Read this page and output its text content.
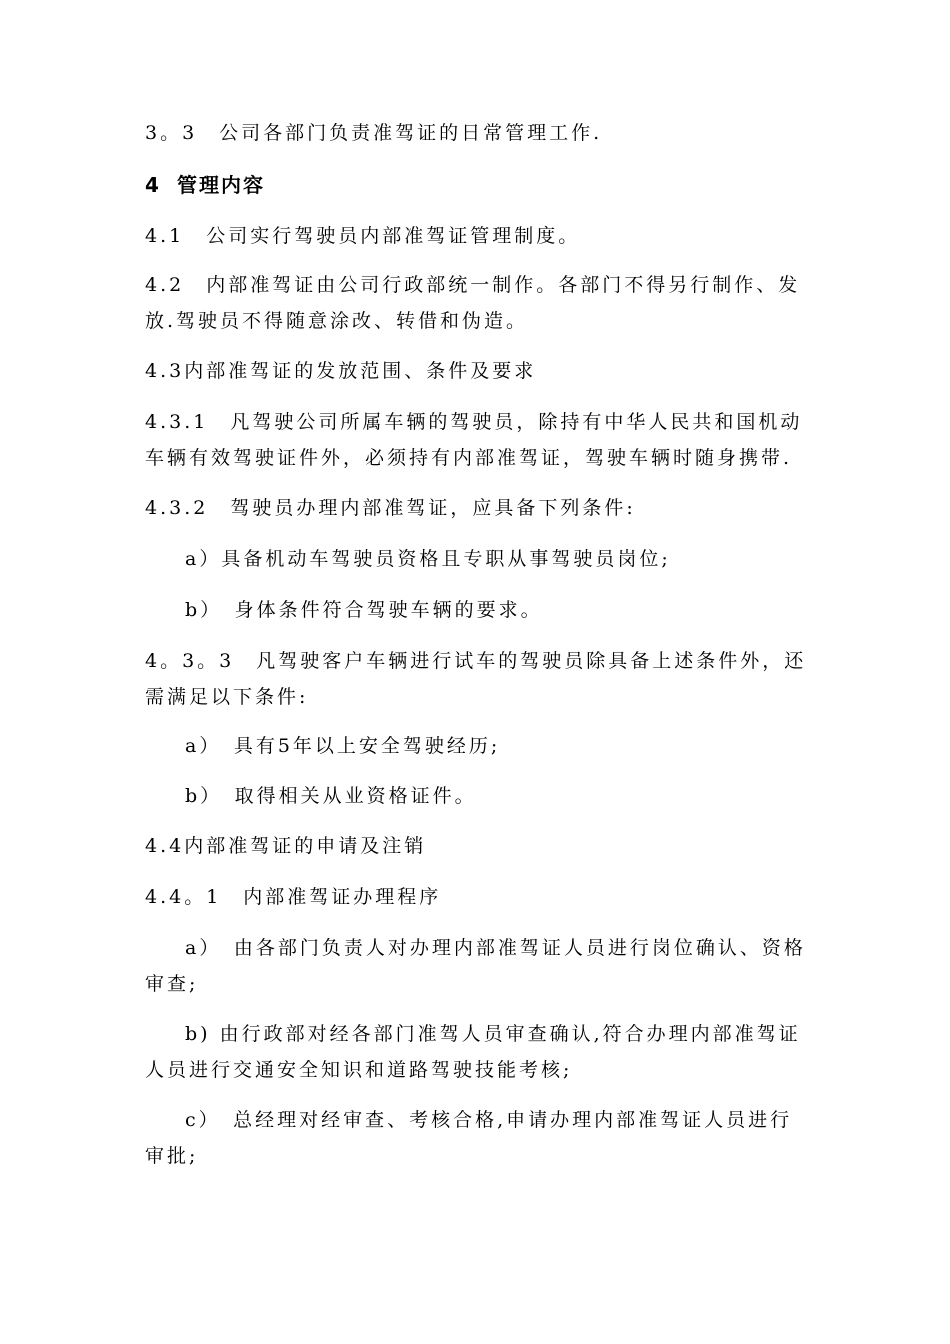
3。3　公司各部门负责准驾证的日常管理工作.

4 管理内容

4.1　公司实行驾驶员内部准驾证管理制度。

4.2　内部准驾证由公司行政部统一制作。各部门不得另行制作、发放.驾驶员不得随意涂改、转借和伪造。

4.3内部准驾证的发放范围、条件及要求

4.3.1　凡驾驶公司所属车辆的驾驶员，除持有中华人民共和国机动车辆有效驾驶证件外，必须持有内部准驾证，驾驶车辆时随身携带.

4.3.2　驾驶员办理内部准驾证，应具备下列条件:

a）具备机动车驾驶员资格且专职从事驾驶员岗位;

b）　身体条件符合驾驶车辆的要求。

4。3。3　凡驾驶客户车辆进行试车的驾驶员除具备上述条件外，还需满足以下条件:

a）　具有5年以上安全驾驶经历;

b）　取得相关从业资格证件。

4.4内部准驾证的申请及注销

4.4。1　内部准驾证办理程序

a）　由各部门负责人对办理内部准驾证人员进行岗位确认、资格审查;

b) 由行政部对经各部门准驾人员审查确认,符合办理内部准驾证人员进行交通安全知识和道路驾驶技能考核;

c）　总经理对经审查、考核合格,申请办理内部准驾证人员进行审批;
